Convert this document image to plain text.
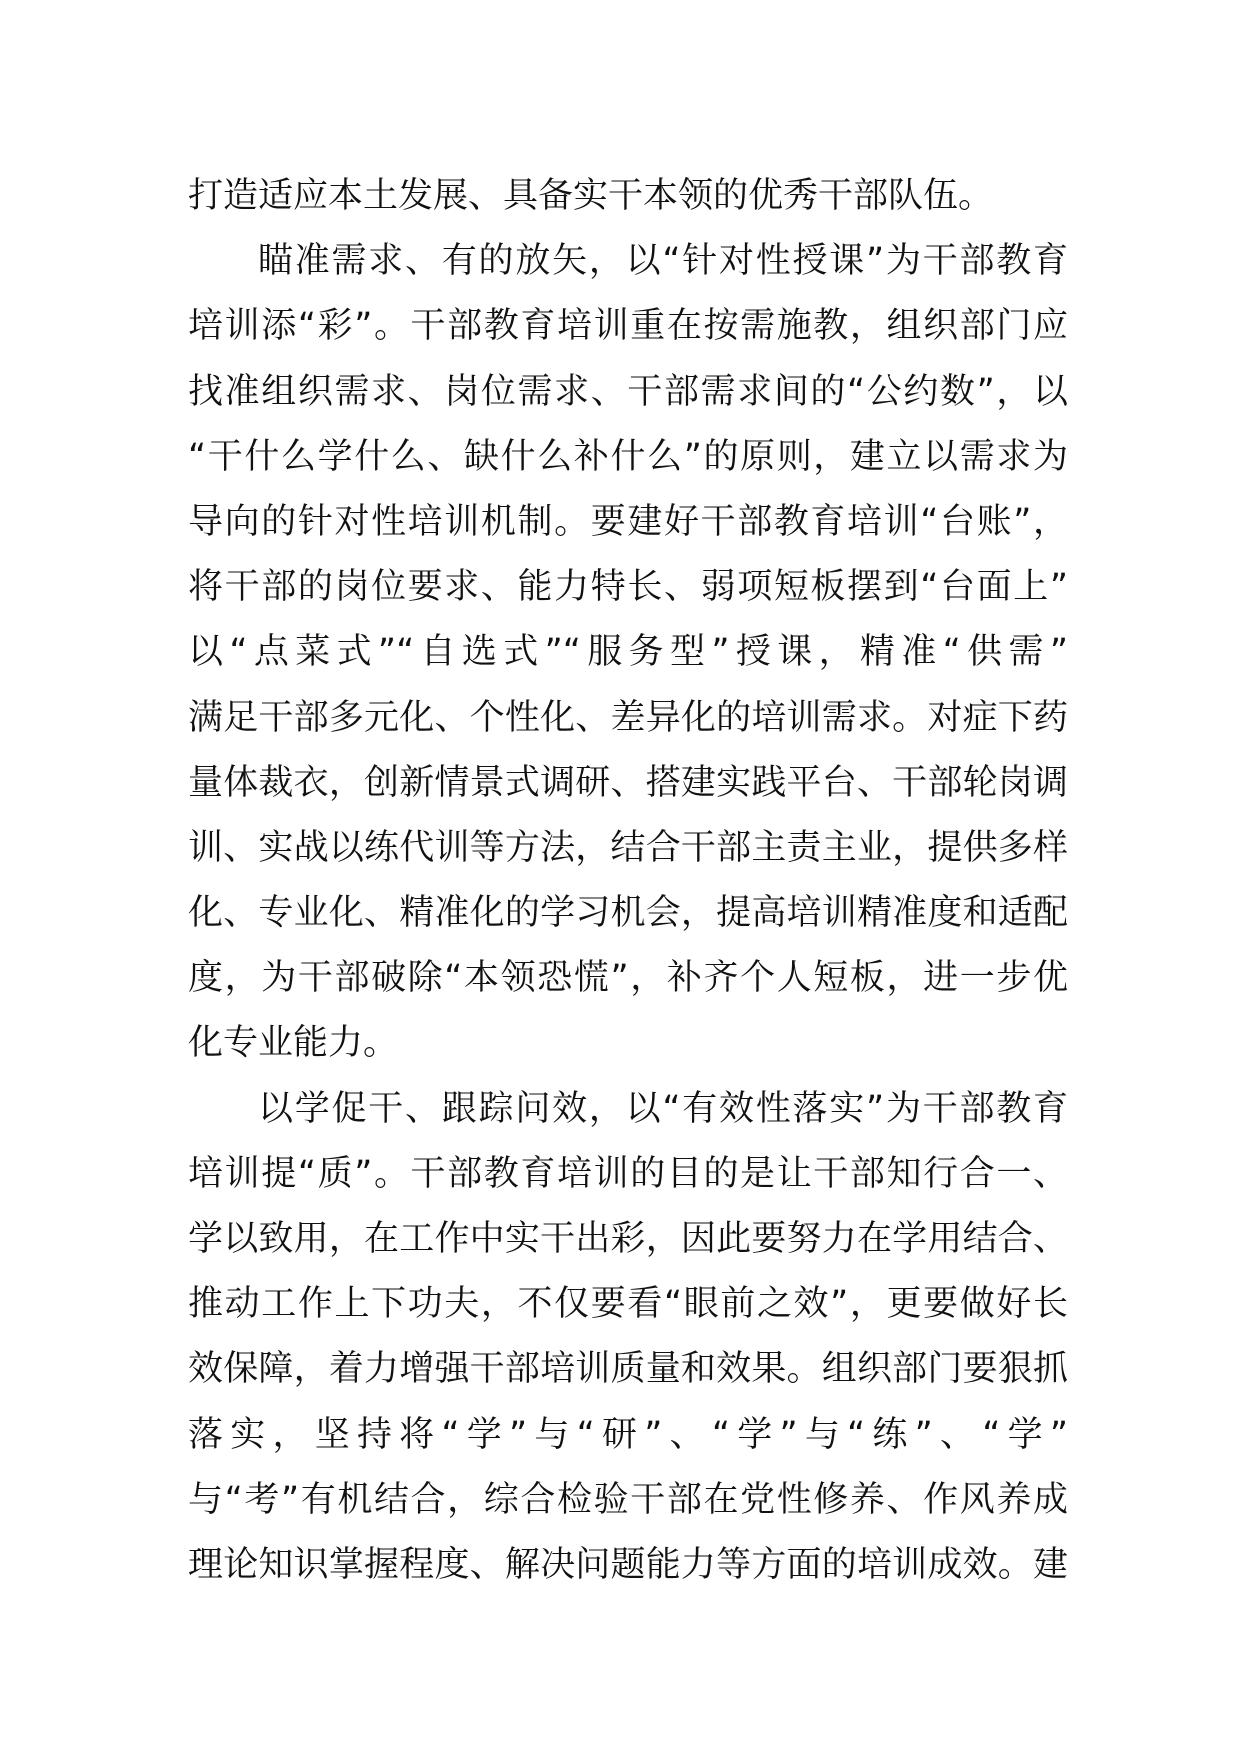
打造适应本土发展、具备实干本领的优秀干部队伍。
瞄准需求、有的放矢，以“针对性授课”为干部教育
培训添“彩”。干部教育培训重在按需施教，组织部门应
找准组织需求、岗位需求、干部需求间的“公约数”，以
“干什么学什么、缺什么补什么”的原则，建立以需求为
导向的针对性培训机制。要建好干部教育培训“台账”，
将干部的岗位要求、能力特长、弱项短板摆到“台面上”
以“点菜式”“自选式”“服务型”授课，精准“供需”
满足干部多元化、个性化、差异化的培训需求。对症下药
量体裁衣，创新情景式调研、搭建实践平台、干部轮岗调
训、实战以练代训等方法，结合干部主责主业，提供多样
化、专业化、精准化的学习机会，提高培训精准度和适配
度，为干部破除“本领恐慌”，补齐个人短板，进一步优
化专业能力。
以学促干、跟踪问效，以“有效性落实”为干部教育
培训提“质”。干部教育培训的目的是让干部知行合一、
学以致用，在工作中实干出彩，因此要努力在学用结合、
推动工作上下功夫，不仅要看“眼前之效”，更要做好长
效保障，着力增强干部培训质量和效果。组织部门要狠抓
落实，坚持将“学”与“研”、“学”与“练”、“学”
与“考”有机结合，综合检验干部在党性修养、作风养成
理论知识掌握程度、解决问题能力等方面的培训成效。建
